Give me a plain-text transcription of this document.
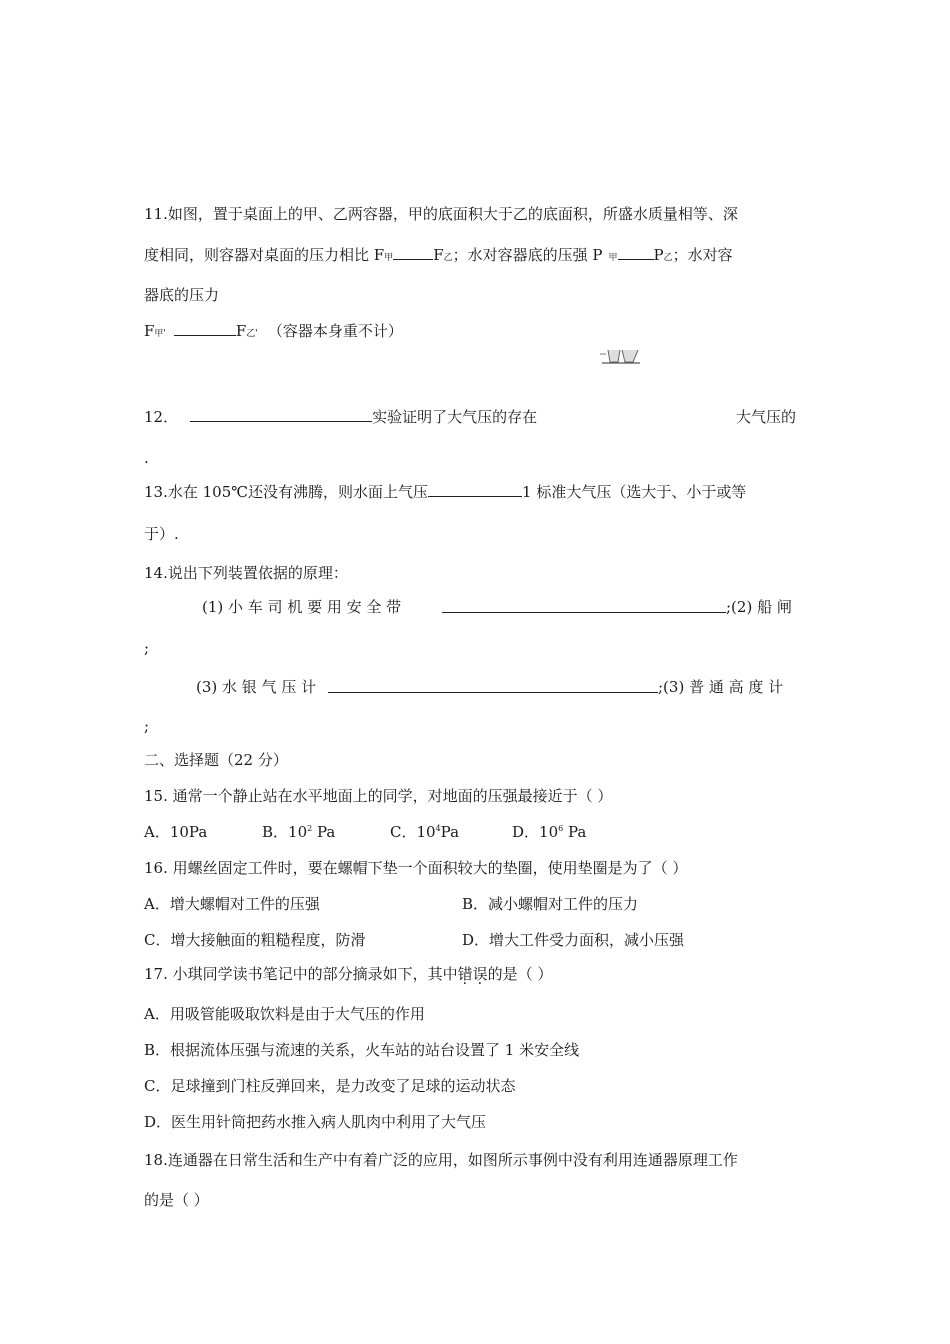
11.如图，置于桌面上的甲、乙两容器，甲的底面积大于乙的底面积，所盛水质量相等、深
度相同，则容器对桌面的压力相比 F甲	F乙；水对容器底的压强 P 甲 P乙；水对容
器底的压力
F甲'	F乙' （容器本身重不计）
12．	实验证明了大气压的存在	大气压的
.
13.水在 105℃还没有沸腾，则水面上气压	1 标准大气压（选大于、小于或等
于）.
14.说出下列装置依据的原理：
(1) 小 车 司 机 要 用 安 全 带	;(2) 船 闸
;
(3) 水 银 气 压 计	;(3) 普 通 高 度 计
;
二、选择题（22 分）
15. 通常一个静止站在水平地面上的同学，对地面的压强最接近于（ ）
A．10Pa	B．$10^2$ Pa	C．$10^4Pa$	D．$10^6$ Pa
16. 用螺丝固定工件时，要在螺帽下垫一个面积较大的垫圈，使用垫圈是为了（ ）
A．增大螺帽对工件的压强	B．减小螺帽对工件的压力
C．增大接触面的粗糙程度，防滑	D．增大工件受力面积，减小压强
17. 小琪同学读书笔记中的部分摘录如下，其中错误的是（ ）
A．用吸管能吸取饮料是由于大气压的作用
B．根据流体压强与流速的关系，火车站的站台设置了 1 米安全线
C．足球撞到门柱反弹回来，是力改变了足球的运动状态
D．医生用针筒把药水推入病人肌肉中利用了大气压
18.连通器在日常生活和生产中有着广泛的应用，如图所示事例中没有利用连通器原理工作
的是（ ）
